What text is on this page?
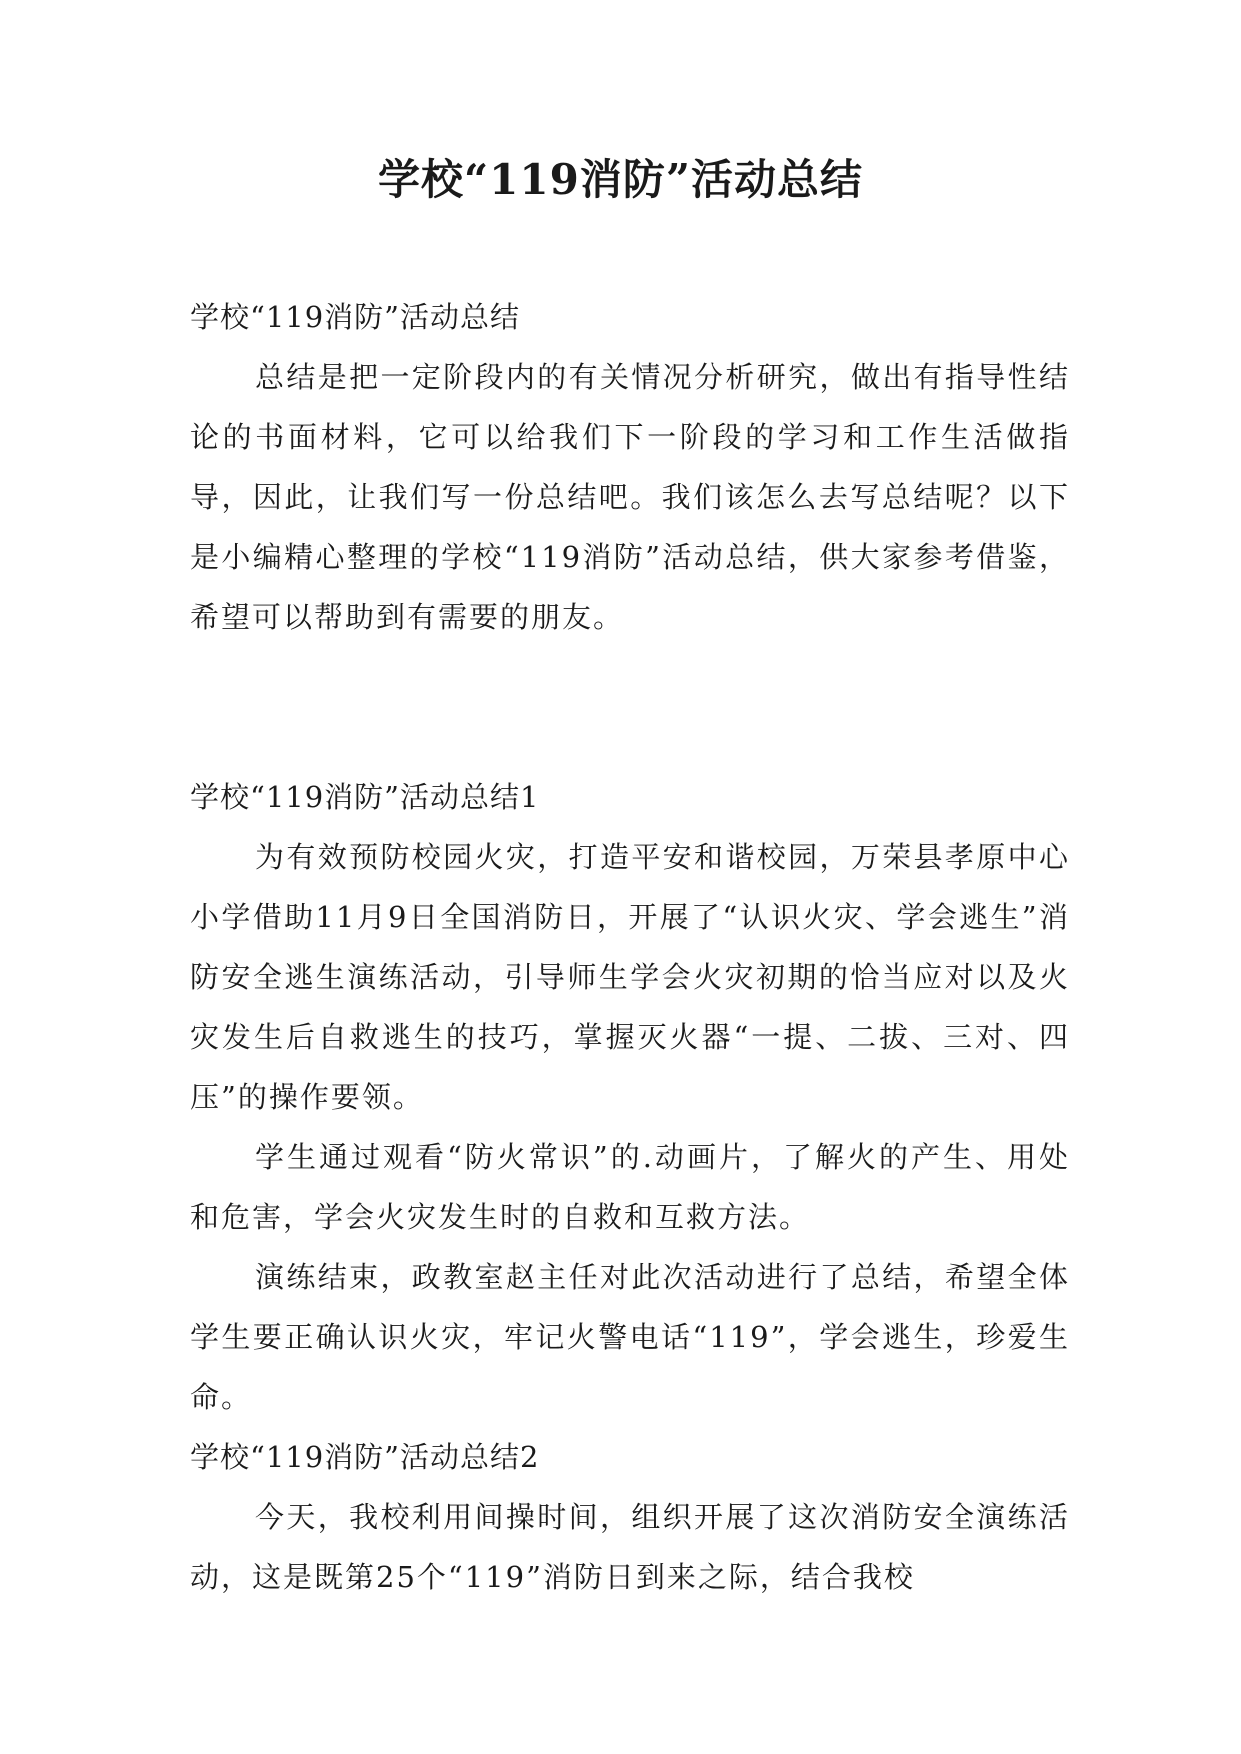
学校“119消防”活动总结

学校“119消防”活动总结

总结是把一定阶段内的有关情况分析研究，做出有指导性结论的书面材料，它可以给我们下一阶段的学习和工作生活做指导，因此，让我们写一份总结吧。我们该怎么去写总结呢？以下是小编精心整理的学校“119消防”活动总结，供大家参考借鉴，希望可以帮助到有需要的朋友。

学校“119消防”活动总结1

为有效预防校园火灾，打造平安和谐校园，万荣县孝原中心小学借助11月9日全国消防日，开展了“认识火灾、学会逃生”消防安全逃生演练活动，引导师生学会火灾初期的恰当应对以及火灾发生后自救逃生的技巧，掌握灭火器“一提、二拔、三对、四压”的操作要领。

学生通过观看“防火常识”的.动画片，了解火的产生、用处和危害，学会火灾发生时的自救和互救方法。

演练结束，政教室赵主任对此次活动进行了总结，希望全体学生要正确认识火灾，牢记火警电话“119”，学会逃生，珍爱生命。

学校“119消防”活动总结2

今天，我校利用间操时间，组织开展了这次消防安全演练活动，这是既第25个“119”消防日到来之际，结合我校
